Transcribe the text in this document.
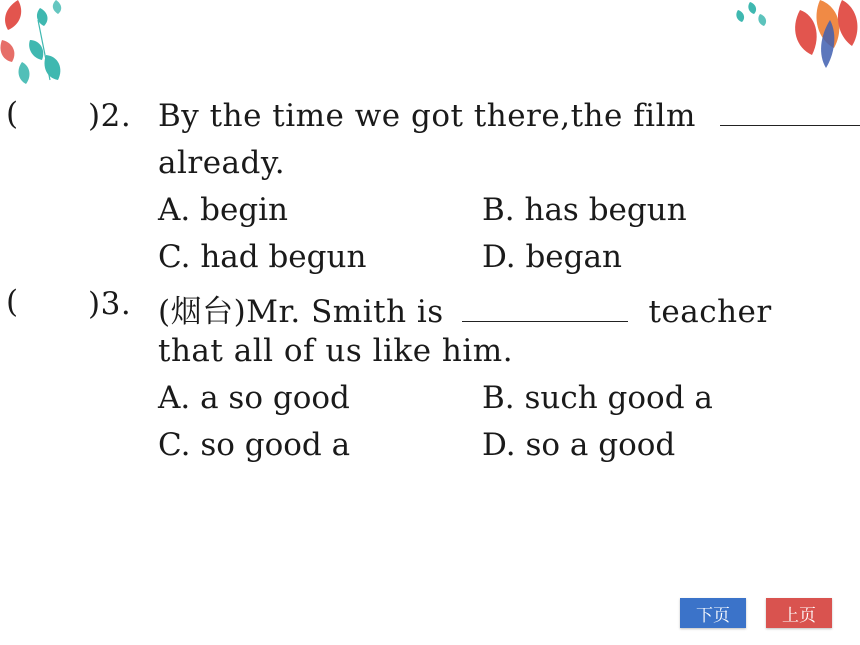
( )2. By the time we got there,the film
already.
A. begin	B. has begun
C. had begun	D. began
( )3. (烟台)Mr. Smith is	teacher
that all of us like him.
A. a so good	B. such good a
C. so good a	D. so a good
下页	上页
